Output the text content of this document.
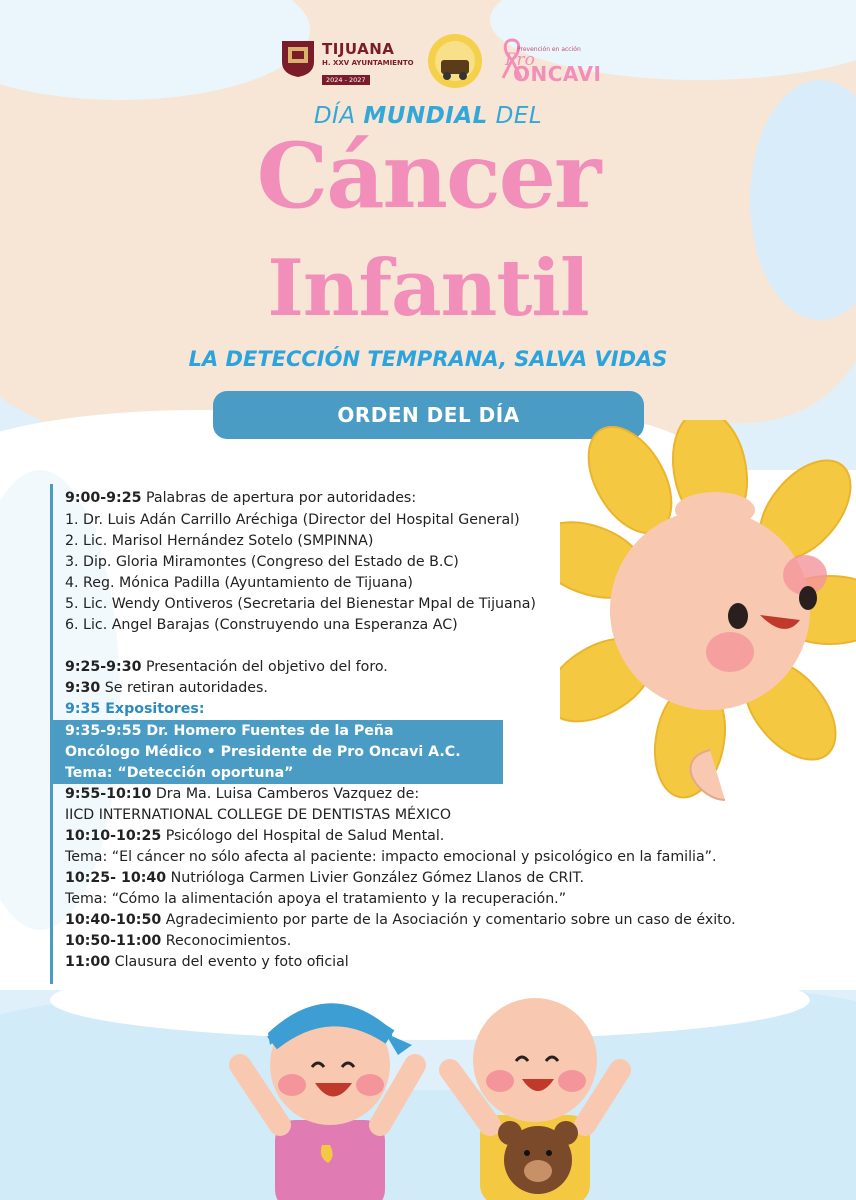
TIJUANA
H. XXV AYUNTAMIENTO
2024 - 2027
Prevención en acción
Pro
ONCAVI
DÍA MUNDIAL DEL
Cáncer
Infantil
LA DETECCIÓN TEMPRANA, SALVA VIDAS
ORDEN DEL DÍA
9:00-9:25 Palabras de apertura por autoridades:
1. Dr. Luis Adán Carrillo Aréchiga (Director del Hospital General)
2. Lic. Marisol Hernández Sotelo (SMPINNA)
3. Dip. Gloria Miramontes (Congreso del Estado de B.C)
4. Reg. Mónica Padilla (Ayuntamiento de Tijuana)
5. Lic. Wendy Ontiveros (Secretaria del Bienestar Mpal de Tijuana)
6. Lic. Angel Barajas (Construyendo una Esperanza AC)
9:25-9:30 Presentación del objetivo del foro.
9:30 Se retiran autoridades.
9:35 Expositores:
9:35-9:55 Dr. Homero Fuentes de la Peña
Oncólogo Médico • Presidente de Pro Oncavi A.C.
Tema: “Detección oportuna”
9:55-10:10 Dra Ma. Luisa Camberos Vazquez de:
IICD INTERNATIONAL COLLEGE DE DENTISTAS MÉXICO
10:10-10:25 Psicólogo del Hospital de Salud Mental.
Tema: “El cáncer no sólo afecta al paciente: impacto emocional y psicológico en la familia”.
10:25- 10:40 Nutrióloga Carmen Livier González Gómez Llanos de CRIT.
Tema: “Cómo la alimentación apoya el tratamiento y la recuperación.”
10:40-10:50 Agradecimiento por parte de la Asociación y comentario sobre un caso de éxito.
10:50-11:00 Reconocimientos.
11:00 Clausura del evento y foto oficial
